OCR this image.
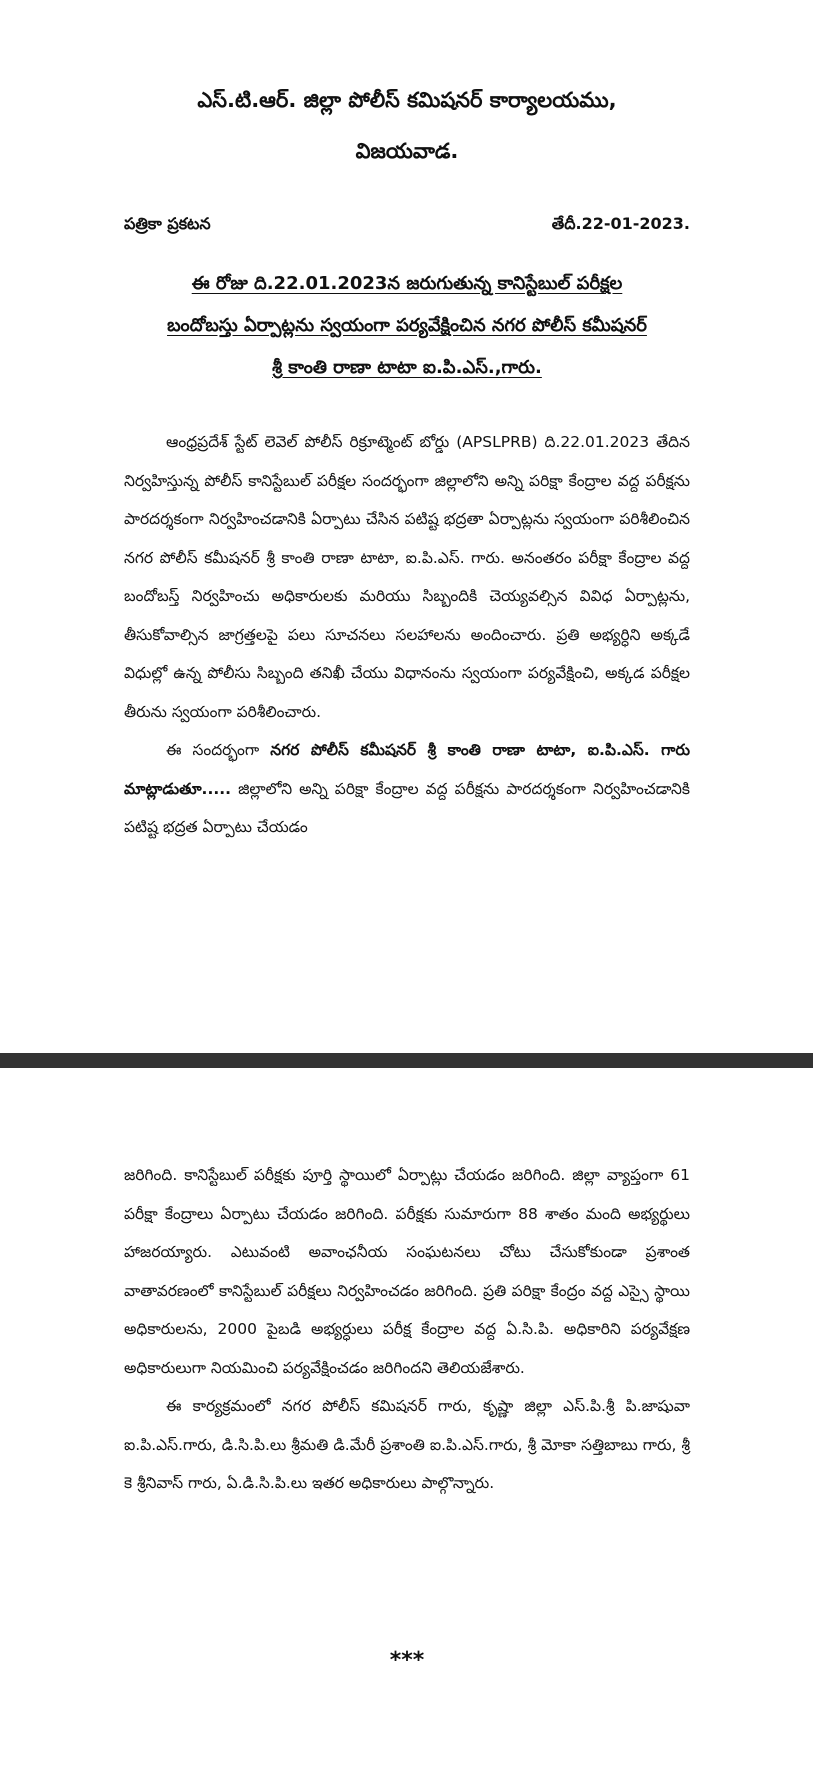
ఎస్.టి.ఆర్. జిల్లా పోలీస్ కమిషనర్ కార్యాలయము,
విజయవాడ.
పత్రికా ప్రకటన	తేదీ.22-01-2023.

ఈ రోజు ది.22.01.2023న జరుగుతున్న కానిస్టేబుల్ పరీక్షల

బందోబస్తు ఏర్పాట్లను స్వయంగా పర్యవేక్షించిన నగర పోలీస్ కమీషనర్

శ్రీ కాంతి రాణా టాటా ఐ.పి.ఎస్.,గారు.

ఆంధ్రప్రదేశ్ స్టేట్ లెవెల్ పోలీస్ రిక్రూట్మెంట్ బోర్డు (APSLPRB) ది.22.01.2023 తేదిన నిర్వహిస్తున్న పోలీస్ కానిస్టేబుల్ పరీక్షల సందర్భంగా జిల్లాలోని అన్ని పరిక్షా కేంద్రాల వద్ద పరీక్షను పారదర్శకంగా నిర్వహించడానికి ఏర్పాటు చేసిన పటిష్ట భద్రతా ఏర్పాట్లను స్వయంగా పరిశీలించిన నగర పోలీస్ కమీషనర్ శ్రీ కాంతి రాణా టాటా, ఐ.పి.ఎస్. గారు. అనంతరం పరీక్షా కేంద్రాల వద్ద బందోబస్త్ నిర్వహించు అధికారులకు మరియు సిబ్బందికి చెయ్యవల్సిన వివిధ ఏర్పాట్లను, తీసుకోవాల్సిన జాగ్రత్తలపై పలు సూచనలు సలహాలను అందించారు. ప్రతి అభ్యర్ధిని అక్కడే విధుల్లో ఉన్న పోలీసు సిబ్బంది తనిఖీ చేయు విధానంను స్వయంగా పర్యవేక్షించి, అక్కడ పరీక్షల తీరును స్వయంగా పరిశీలించారు.

ఈ సందర్భంగా నగర పోలీస్ కమీషనర్ శ్రీ కాంతి రాణా టాటా, ఐ.పి.ఎస్. గారు మాట్లాడుతూ..... జిల్లాలోని అన్ని పరిక్షా కేంద్రాల వద్ద పరీక్షను పారదర్శకంగా నిర్వహించడానికి పటిష్ట భద్రత ఏర్పాటు చేయడం

జరిగింది. కానిస్టేబుల్ పరీక్షకు పూర్తి స్థాయిలో ఏర్పాట్లు చేయడం జరిగింది. జిల్లా వ్యాప్తంగా 61 పరీక్షా కేంద్రాలు ఏర్పాటు చేయడం జరిగింది. పరీక్షకు సుమారుగా 88 శాతం మంది అభ్యర్థులు హాజరయ్యారు. ఎటువంటి అవాంఛనీయ సంఘటనలు చోటు చేసుకోకుండా ప్రశాంత వాతావరణంలో కానిస్టేబుల్ పరీక్షలు నిర్వహించడం జరిగింది. ప్రతి పరిక్షా కేంద్రం వద్ద ఎస్సై స్థాయి అధికారులను, 2000 పైబడి అభ్యర్ధులు పరీక్ష కేంద్రాల వద్ద ఏ.సి.పి. అధికారిని పర్యవేక్షణ అధికారులుగా నియమించి పర్యవేక్షించడం జరిగిందని తెలియజేశారు.

ఈ కార్యక్రమంలో నగర పోలీస్ కమిషనర్ గారు, కృష్ణా జిల్లా ఎస్.పి.శ్రీ పి.జాషువా ఐ.పి.ఎస్.గారు, డి.సి.పి.లు శ్రీమతి డి.మేరీ ప్రశాంతి ఐ.పి.ఎస్.గారు, శ్రీ మోకా సత్తిబాబు గారు, శ్రీ కె శ్రీనివాస్ గారు, ఏ.డి.సి.పి.లు ఇతర అధికారులు పాల్గొన్నారు.

***
